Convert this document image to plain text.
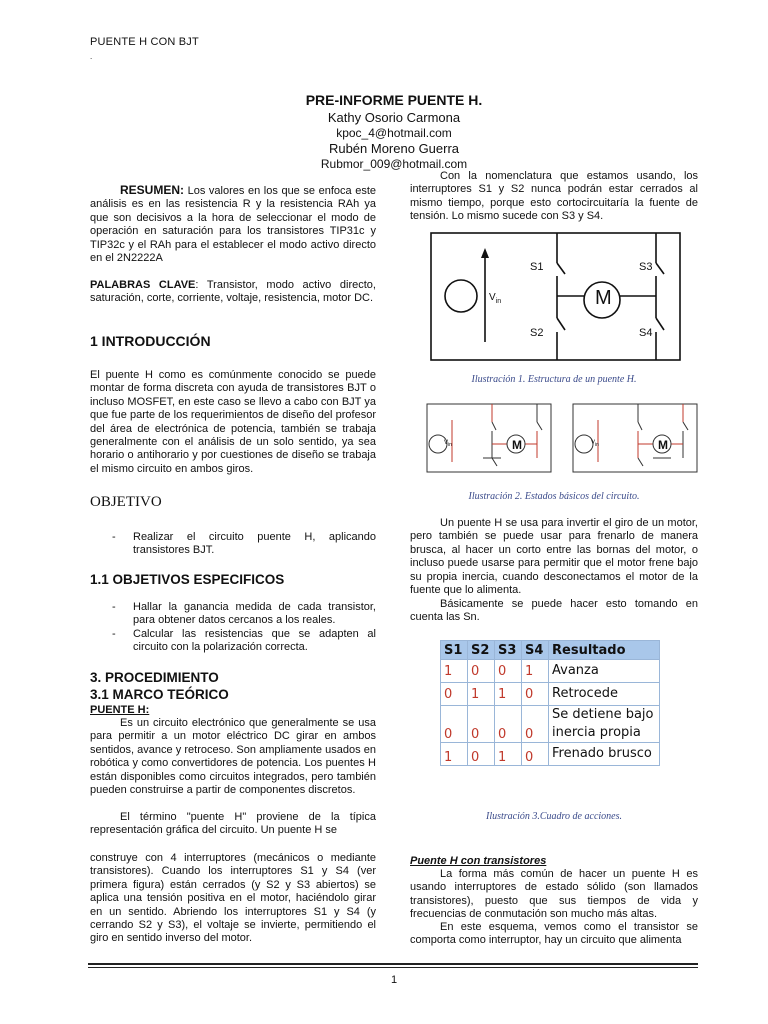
PUENTE H CON BJT
.
PRE-INFORME PUENTE H.
Kathy Osorio Carmona
kpoc_4@hotmail.com
Rubén Moreno Guerra
Rubmor_009@hotmail.com
RESUMEN: Los valores en los que se enfoca este análisis es en las resistencia R y la resistencia RAh ya que son decisivos a la hora de seleccionar el modo de operación en saturación para los transistores TIP31c y TIP32c y el RAh para el establecer el modo activo directo en el 2N2222A
PALABRAS CLAVE: Transistor, modo activo directo, saturación, corte, corriente, voltaje, resistencia, motor DC.
1 INTRODUCCIÓN
El puente H como es comúnmente conocido se puede montar de forma discreta con ayuda de transistores BJT o incluso MOSFET, en este caso se llevo a cabo con BJT ya que fue parte de los requerimientos de diseño del profesor del área de electrónica de potencia, también se trabaja generalmente con el análisis de un solo sentido, ya sea horario o antihorario y por cuestiones de diseño se trabaja el mismo circuito en ambos giros.
OBJETIVO
- Realizar el circuito puente H, aplicando transistores BJT.
1.1 OBJETIVOS ESPECIFICOS
- Hallar la ganancia medida de cada transistor, para obtener datos cercanos a los reales.
- Calcular las resistencias que se adapten al circuito con la polarización correcta.
3. PROCEDIMIENTO
3.1 MARCO TEÓRICO
PUENTE H:
Es un circuito electrónico que generalmente se usa para permitir a un motor eléctrico DC girar en ambos sentidos, avance y retroceso. Son ampliamente usados en robótica y como convertidores de potencia. Los puentes H están disponibles como circuitos integrados, pero también pueden construirse a partir de componentes discretos.
El término "puente H" proviene de la típica representación gráfica del circuito. Un puente H se
construye con 4 interruptores (mecánicos o mediante transistores). Cuando los interruptores S1 y S4 (ver primera figura) están cerrados (y S2 y S3 abiertos) se aplica una tensión positiva en el motor, haciéndolo girar en un sentido. Abriendo los interruptores S1 y S4 (y cerrando S2 y S3), el voltaje se invierte, permitiendo el giro en sentido inverso del motor.
Con la nomenclatura que estamos usando, los interruptores S1 y S2 nunca podrán estar cerrados al mismo tiempo, porque esto cortocircuitaría la fuente de tensión. Lo mismo sucede con S3 y S4.
S1	S3
S2	S4
M
$V_{in}$
Ilustración 1. Estructura de un puente H.
M	M
$V_{in}$	$V_{in}$
Ilustración 2. Estados básicos del circuito.
Un puente H se usa para invertir el giro de un motor, pero también se puede usar para frenarlo de manera brusca, al hacer un corto entre las bornas del motor, o incluso puede usarse para permitir que el motor frene bajo su propia inercia, cuando desconectamos el motor de la fuente que lo alimenta.
Básicamente se puede hacer esto tomando en cuenta las Sn.
S1	S2	S3	S4	Resultado
1	0	0	1	Avanza
0	1	1	0	Retrocede
0	0	0	0	Se detiene bajo inercia propia
1	0	1	0	Frenado brusco
Ilustración 3.Cuadro de acciones.
Puente H con transistores
La forma más común de hacer un puente H es usando interruptores de estado sólido (son llamados transistores), puesto que sus tiempos de vida y frecuencias de conmutación son mucho más altas.
En este esquema, vemos como el transistor se comporta como interruptor, hay un circuito que alimenta
1
